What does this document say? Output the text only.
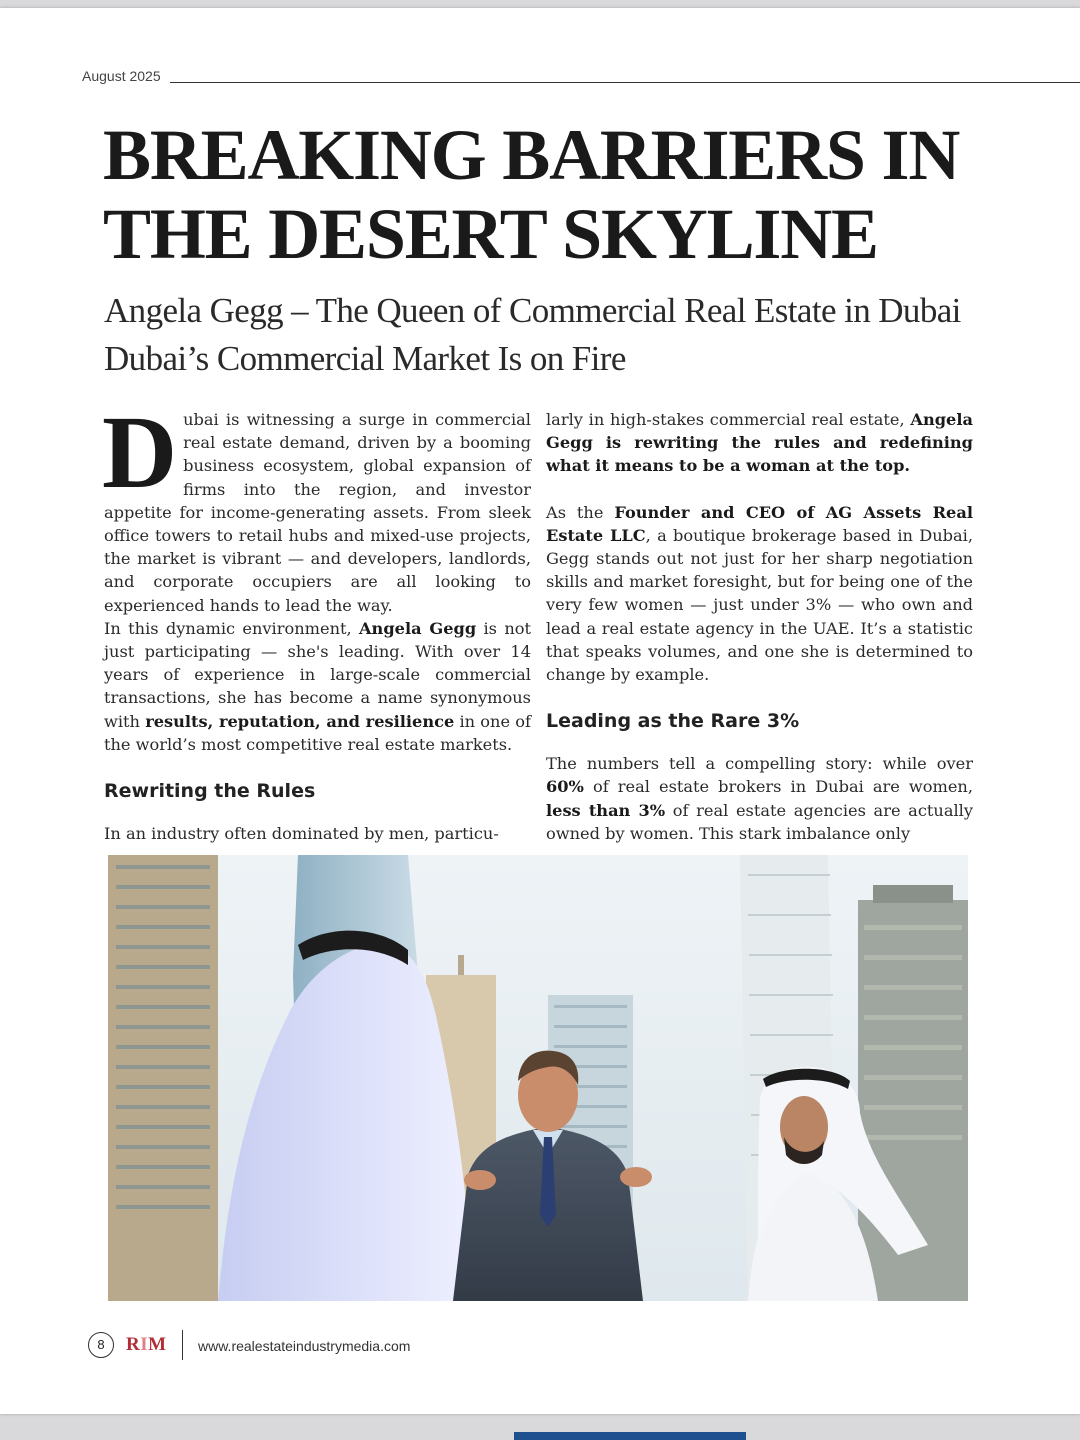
August 2025
BREAKING BARRIERS IN
THE DESERT SKYLINE
Angela Gegg – The Queen of Commercial Real Estate in Dubai
Dubai’s Commercial Market Is on Fire

Dubai is witnessing a surge in commercial real estate demand, driven by a booming business ecosystem, global expansion of firms into the region, and investor appetite for income-generating assets. From sleek office towers to retail hubs and mixed-use projects, the market is vibrant — and developers, landlords, and corporate occupiers are all looking to experienced hands to lead the way.

In this dynamic environment, Angela Gegg is not just participating — she's leading. With over 14 years of experience in large-scale commercial transactions, she has become a name synonymous with results, reputation, and resilience in one of the world’s most competitive real estate markets.

Rewriting the Rules

In an industry often dominated by men, particu-

larly in high-stakes commercial real estate, Angela Gegg is rewriting the rules and redefining what it means to be a woman at the top.

As the Founder and CEO of AG Assets Real Estate LLC, a boutique brokerage based in Dubai, Gegg stands out not just for her sharp negotiation skills and market foresight, but for being one of the very few women — just under 3% — who own and lead a real estate agency in the UAE. It’s a statistic that speaks volumes, and one she is determined to change by example.

Leading as the Rare 3%

The numbers tell a compelling story: while over 60% of real estate brokers in Dubai are women, less than 3% of real estate agencies are actually owned by women. This stark imbalance only

8	RIM www.realestateindustrymedia.com
